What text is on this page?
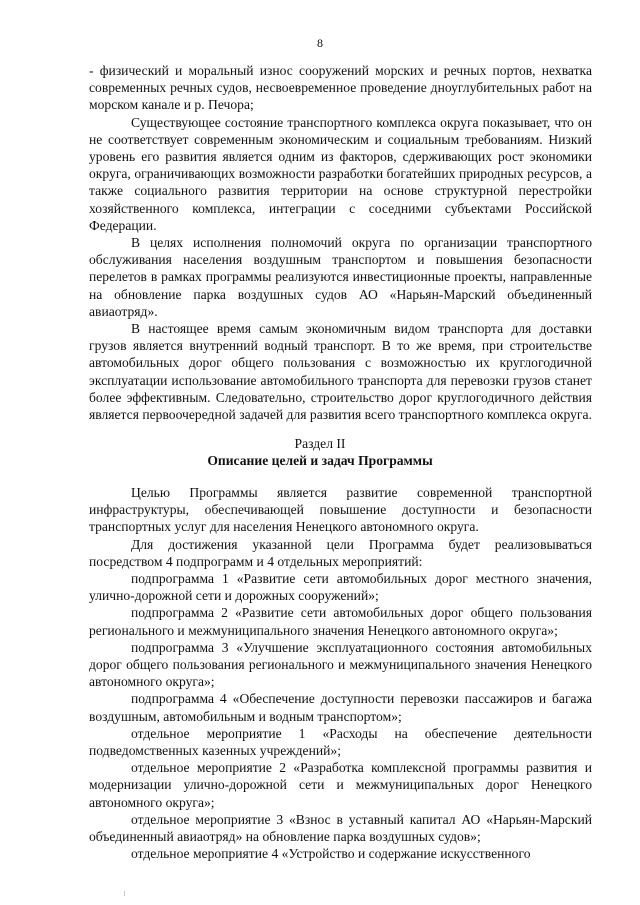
8

- физический и моральный износ сооружений морских и речных портов, нехватка современных речных судов, несвоевременное проведение дноуглубительных работ на морском канале и р. Печора;

Существующее состояние транспортного комплекса округа показывает, что он не соответствует современным экономическим и социальным требованиям. Низкий уровень его развития является одним из факторов, сдерживающих рост экономики округа, ограничивающих возможности разработки богатейших природных ресурсов, а также социального развития территории на основе структурной перестройки хозяйственного комплекса, интеграции с соседними субъектами Российской Федерации.

В целях исполнения полномочий округа по организации транспортного обслуживания населения воздушным транспортом и повышения безопасности перелетов в рамках программы реализуются инвестиционные проекты, направленные на обновление парка воздушных судов АО «Нарьян-Марский объединенный авиаотряд».

В настоящее время самым экономичным видом транспорта для доставки грузов является внутренний водный транспорт. В то же время, при строительстве автомобильных дорог общего пользования с возможностью их круглогодичной эксплуатации использование автомобильного транспорта для перевозки грузов станет более эффективным. Следовательно, строительство дорог круглогодичного действия является первоочередной задачей для развития всего транспортного комплекса округа.

Раздел II
Описание целей и задач Программы

Целью Программы является развитие современной транспортной инфраструктуры, обеспечивающей повышение доступности и безопасности транспортных услуг для населения Ненецкого автономного округа.

Для достижения указанной цели Программа будет реализовываться посредством 4 подпрограмм и 4 отдельных мероприятий:

подпрограмма 1 «Развитие сети автомобильных дорог местного значения, улично-дорожной сети и дорожных сооружений»;

подпрограмма 2 «Развитие сети автомобильных дорог общего пользования регионального и межмуниципального значения Ненецкого автономного округа»;

подпрограмма 3 «Улучшение эксплуатационного состояния автомобильных дорог общего пользования регионального и межмуниципального значения Ненецкого автономного округа»;

подпрограмма 4 «Обеспечение доступности перевозки пассажиров и багажа воздушным, автомобильным и водным транспортом»;

отдельное мероприятие 1 «Расходы на обеспечение деятельности подведомственных казенных учреждений»;

отдельное мероприятие 2 «Разработка комплексной программы развития и модернизации улично-дорожной сети и межмуниципальных дорог Ненецкого автономного округа»;

отдельное мероприятие 3 «Взнос в уставный капитал АО «Нарьян-Марский объединенный авиаотряд» на обновление парка воздушных судов»;

отдельное мероприятие 4 «Устройство и содержание искусственного
